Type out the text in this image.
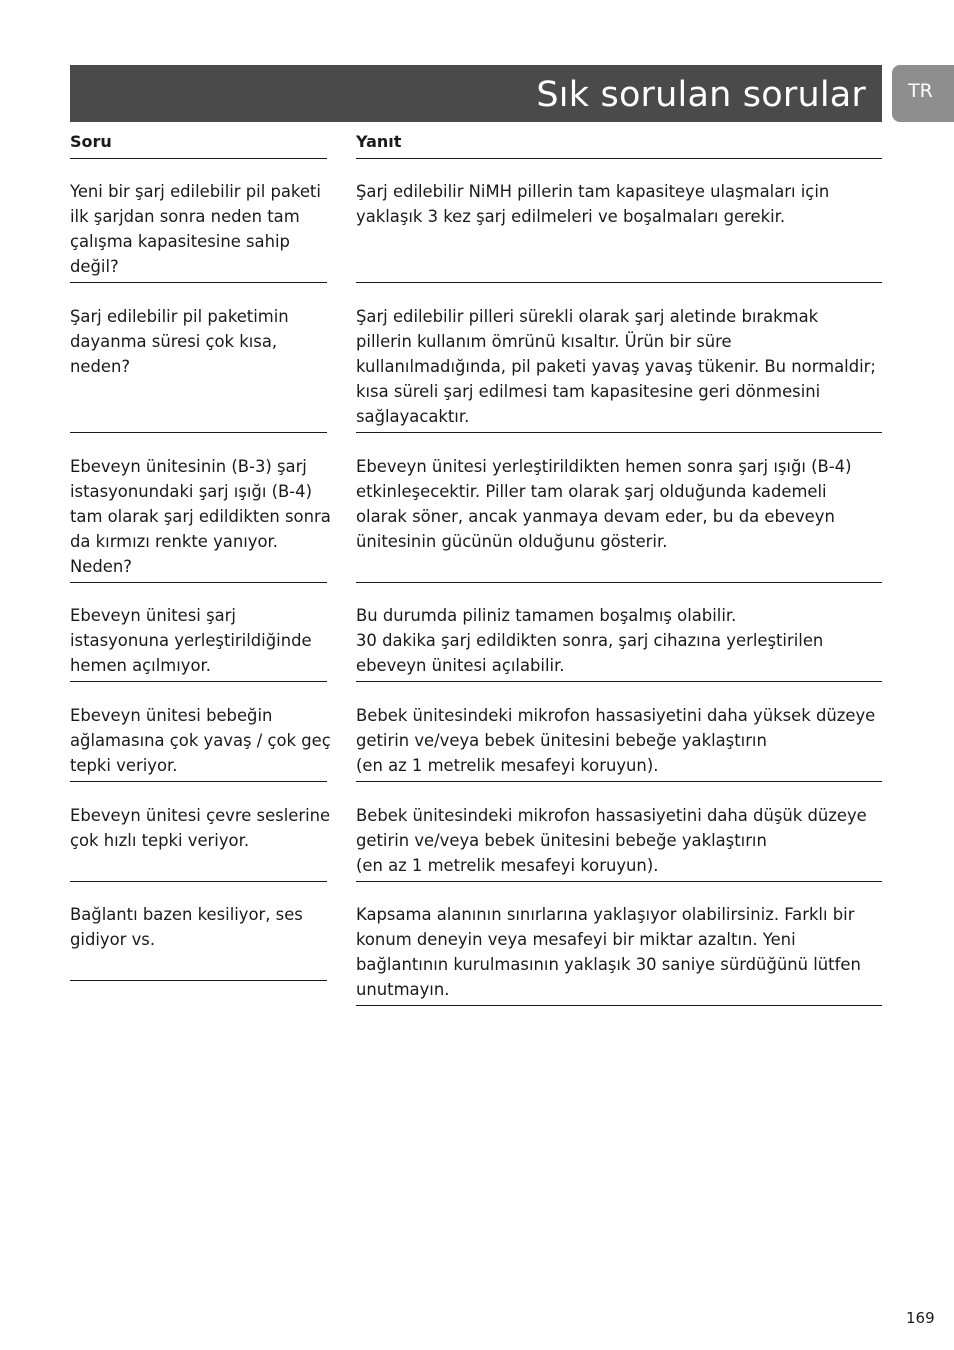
Sık sorulan sorular TR
Soru	Yanıt

Yeni bir şarj edilebilir pil paketi ilk şarjdan sonra neden tam çalışma kapasitesine sahip değil?

Şarj edilebilir NiMH pillerin tam kapasiteye ulaşmaları için yaklaşık 3 kez şarj edilmeleri ve boşalmaları gerekir.

Şarj edilebilir pil paketimin dayanma süresi çok kısa, neden?

Şarj edilebilir pilleri sürekli olarak şarj aletinde bırakmak pillerin kullanım ömrünü kısaltır. Ürün bir süre kullanılmadığında, pil paketi yavaş yavaş tükenir. Bu normaldir; kısa süreli şarj edilmesi tam kapasitesine geri dönmesini sağlayacaktır.

Ebeveyn ünitesinin (B-3) şarj istasyonundaki şarj ışığı (B-4) tam olarak şarj edildikten sonra da kırmızı renkte yanıyor. Neden?

Ebeveyn ünitesi yerleştirildikten hemen sonra şarj ışığı (B-4) etkinleşecektir. Piller tam olarak şarj olduğunda kademeli olarak söner, ancak yanmaya devam eder, bu da ebeveyn ünitesinin gücünün olduğunu gösterir.

Ebeveyn ünitesi şarj istasyonuna yerleştirildiğinde hemen açılmıyor.

Bu durumda piliniz tamamen boşalmış olabilir.
30 dakika şarj edildikten sonra, şarj cihazına yerleştirilen ebeveyn ünitesi açılabilir.

Ebeveyn ünitesi bebeğin ağlamasına çok yavaş / çok geç tepki veriyor.

Bebek ünitesindeki mikrofon hassasiyetini daha yüksek düzeye getirin ve/veya bebek ünitesini bebeğe yaklaştırın
(en az 1 metrelik mesafeyi koruyun).

Ebeveyn ünitesi çevre seslerine çok hızlı tepki veriyor.

Bebek ünitesindeki mikrofon hassasiyetini daha düşük düzeye getirin ve/veya bebek ünitesini bebeğe yaklaştırın
(en az 1 metrelik mesafeyi koruyun).

Bağlantı bazen kesiliyor, ses gidiyor vs.

Kapsama alanının sınırlarına yaklaşıyor olabilirsiniz. Farklı bir konum deneyin veya mesafeyi bir miktar azaltın. Yeni bağlantının kurulmasının yaklaşık 30 saniye sürdüğünü lütfen unutmayın.

169
